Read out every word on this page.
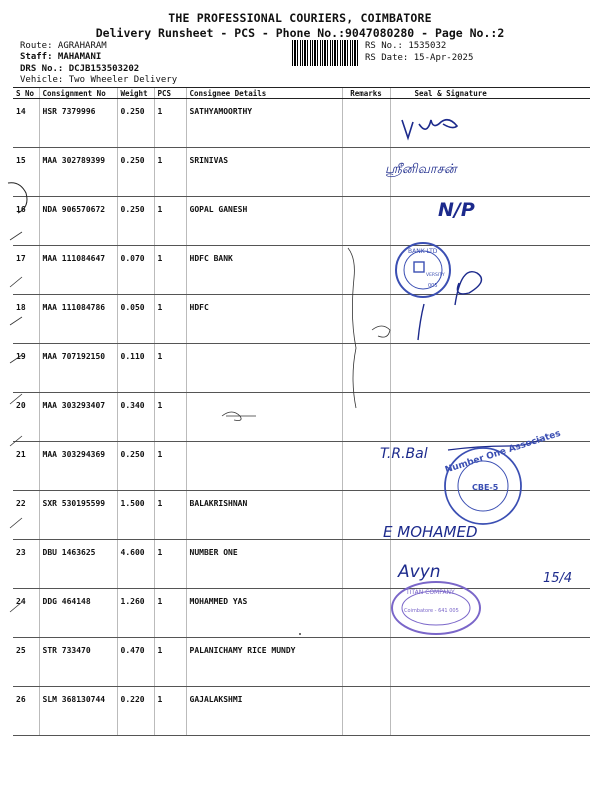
THE PROFESSIONAL COURIERS, COIMBATORE
Delivery Runsheet - PCS - Phone No.:9047080280 - Page No.:2
Route: AGRAHARAM
Staff: MAHAMANI
DRS No.: DCJB153503202
Vehicle: Two Wheeler Delivery
RS No.: 1535032
RS Date: 15-Apr-2025
S No	Consignment No	Weight	PCS	Consignee Details	Remarks	Seal & Signature
14	HSR 7379996	0.250	1	SATHYAMOORTHY		
15	MAA 302789399	0.250	1	SRINIVAS		
16	NDA 906570672	0.250	1	GOPAL GANESH		
17	MAA 111084647	0.070	1	HDFC BANK		
18	MAA 111084786	0.050	1	HDFC		
19	MAA 707192150	0.110	1			
20	MAA 303293407	0.340	1			
21	MAA 303294369	0.250	1			
22	SXR 530195599	1.500	1	BALAKRISHNAN		
23	DBU 1463625	4.600	1	NUMBER ONE		
24	DDG 464148	1.260	1	MOHAMMED YAS		
25	STR 733470	0.470	1	PALANICHAMY RICE MUNDY		
26	SLM 368130744	0.220	1	GAJALAKSHMI		
N/P
ஸ்ரீனிவாசன்
BANK LTD
VERSITY
005
T.R.Bal Number One Associates
CBE-5
E MOHAMED
Avyn	15/4
TITAN COMPANY
Coimbatore - 641 005
